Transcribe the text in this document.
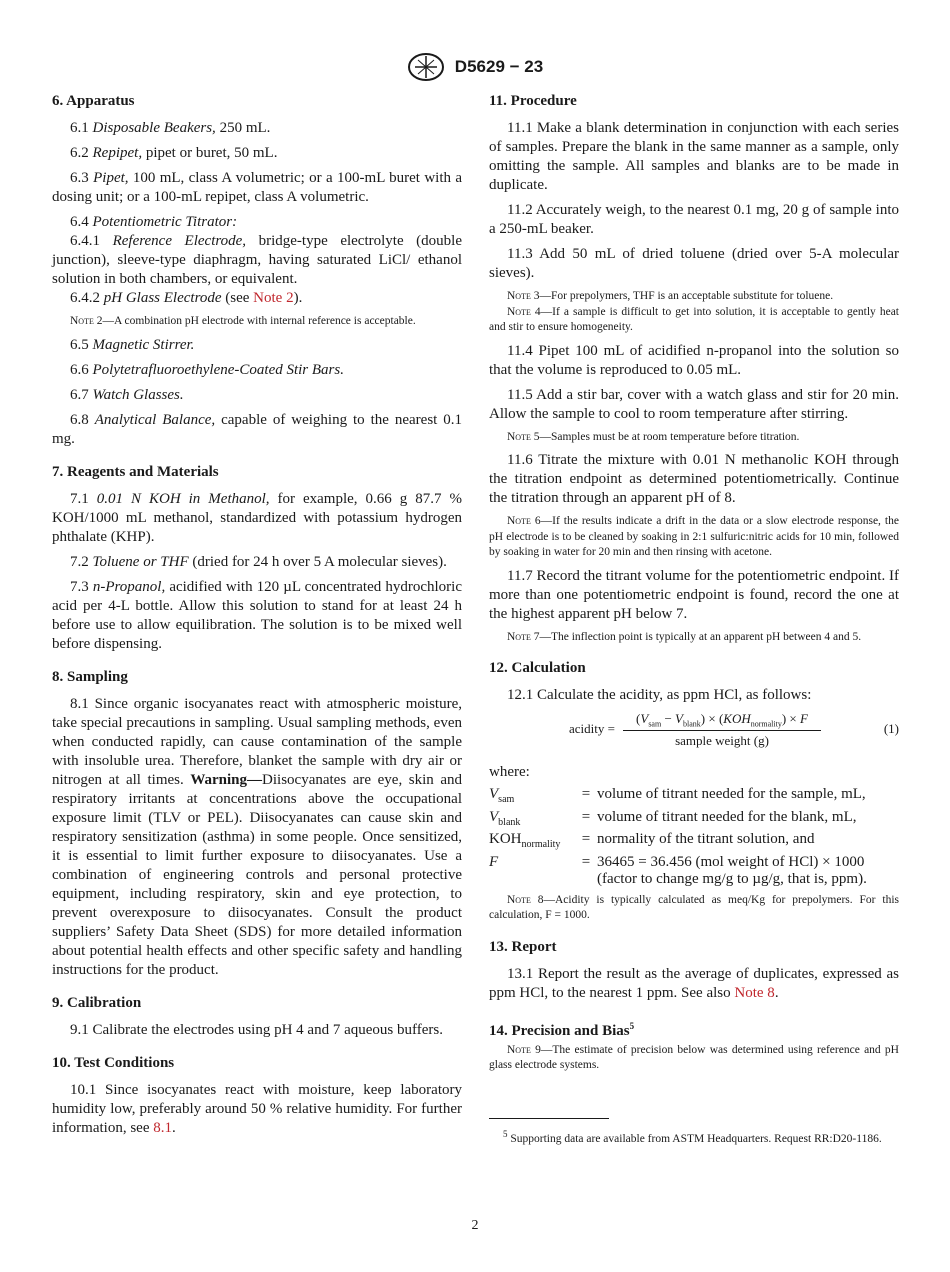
D5629 − 23
6. Apparatus

6.1 Disposable Beakers, 250 mL.

6.2 Repipet, pipet or buret, 50 mL.

6.3 Pipet, 100 mL, class A volumetric; or a 100-mL buret with a dosing unit; or a 100-mL repipet, class A volumetric.

6.4 Potentiometric Titrator:

6.4.1 Reference Electrode, bridge-type electrolyte (double junction), sleeve-type diaphragm, having saturated LiCl/ ethanol solution in both chambers, or equivalent.

6.4.2 pH Glass Electrode (see Note 2).

Note 2—A combination pH electrode with internal reference is acceptable.

6.5 Magnetic Stirrer.

6.6 Polytetrafluoroethylene-Coated Stir Bars.

6.7 Watch Glasses.

6.8 Analytical Balance, capable of weighing to the nearest 0.1 mg.

7. Reagents and Materials

7.1 0.01 N KOH in Methanol, for example, 0.66 g 87.7 % KOH/1000 mL methanol, standardized with potassium hydrogen phthalate (KHP).

7.2 Toluene or THF (dried for 24 h over 5 A molecular sieves).

7.3 n-Propanol, acidified with 120 µL concentrated hydrochloric acid per 4-L bottle. Allow this solution to stand for at least 24 h before use to allow equilibration. The solution is to be mixed well before dispensing.

8. Sampling

8.1 Since organic isocyanates react with atmospheric moisture, take special precautions in sampling. Usual sampling methods, even when conducted rapidly, can cause contamination of the sample with insoluble urea. Therefore, blanket the sample with dry air or nitrogen at all times. Warning—Diisocyanates are eye, skin and respiratory irritants at concentrations above the occupational exposure limit (TLV or PEL). Diisocyanates can cause skin and respiratory sensitization (asthma) in some people. Once sensitized, it is essential to limit further exposure to diisocyanates. Use a combination of engineering controls and personal protective equipment, including respiratory, skin and eye protection, to prevent overexposure to diisocyanates. Consult the product suppliers’ Safety Data Sheet (SDS) for more detailed information about potential health effects and other specific safety and handling instructions for the product.

9. Calibration

9.1 Calibrate the electrodes using pH 4 and 7 aqueous buffers.

10. Test Conditions

10.1 Since isocyanates react with moisture, keep laboratory humidity low, preferably around 50 % relative humidity. For further information, see 8.1.

11. Procedure

11.1 Make a blank determination in conjunction with each series of samples. Prepare the blank in the same manner as a sample, only omitting the sample. All samples and blanks are to be made in duplicate.

11.2 Accurately weigh, to the nearest 0.1 mg, 20 g of sample into a 250-mL beaker.

11.3 Add 50 mL of dried toluene (dried over 5-A molecular sieves).

Note 3—For prepolymers, THF is an acceptable substitute for toluene.

Note 4—If a sample is difficult to get into solution, it is acceptable to gently heat and stir to ensure homogeneity.

11.4 Pipet 100 mL of acidified n-propanol into the solution so that the volume is reproduced to 0.05 mL.

11.5 Add a stir bar, cover with a watch glass and stir for 20 min. Allow the sample to cool to room temperature after stirring.

Note 5—Samples must be at room temperature before titration.

11.6 Titrate the mixture with 0.01 N methanolic KOH through the titration endpoint as determined potentiometrically. Continue the titration through an apparent pH of 8.

Note 6—If the results indicate a drift in the data or a slow electrode response, the pH electrode is to be cleaned by soaking in 2:1 sulfuric:nitric acids for 10 min, followed by soaking in water for 20 min and then rinsing with acetone.

11.7 Record the titrant volume for the potentiometric endpoint. If more than one potentiometric endpoint is found, record the one at the highest apparent pH below 7.

Note 7—The inflection point is typically at an apparent pH between 4 and 5.

12. Calculation

12.1 Calculate the acidity, as ppm HCl, as follows:

acidity =
$(V_{sam} - V_{blank}) \times (KOH_{normality}) \times F$
sample weight (g)
(1)
where:
$V_{sam}$	=	volume of titrant needed for the sample, mL,
$V_{blank}$	=	volume of titrant needed for the blank, mL,
$KOH_{normality}$	=	normality of the titrant solution, and
F	=	36465 = 36.456 (mol weight of HCl) × 1000 (factor to change mg/g to µg/g, that is, ppm).

Note 8—Acidity is typically calculated as meq/Kg for prepolymers. For this calculation, F = 1000.

13. Report

13.1 Report the result as the average of duplicates, expressed as ppm HCl, to the nearest 1 ppm. See also Note 8.

14. Precision and Bias$^5$

Note 9—The estimate of precision below was determined using reference and pH glass electrode systems.

$^5$ Supporting data are available from ASTM Headquarters. Request RR:D20-1186.

2
